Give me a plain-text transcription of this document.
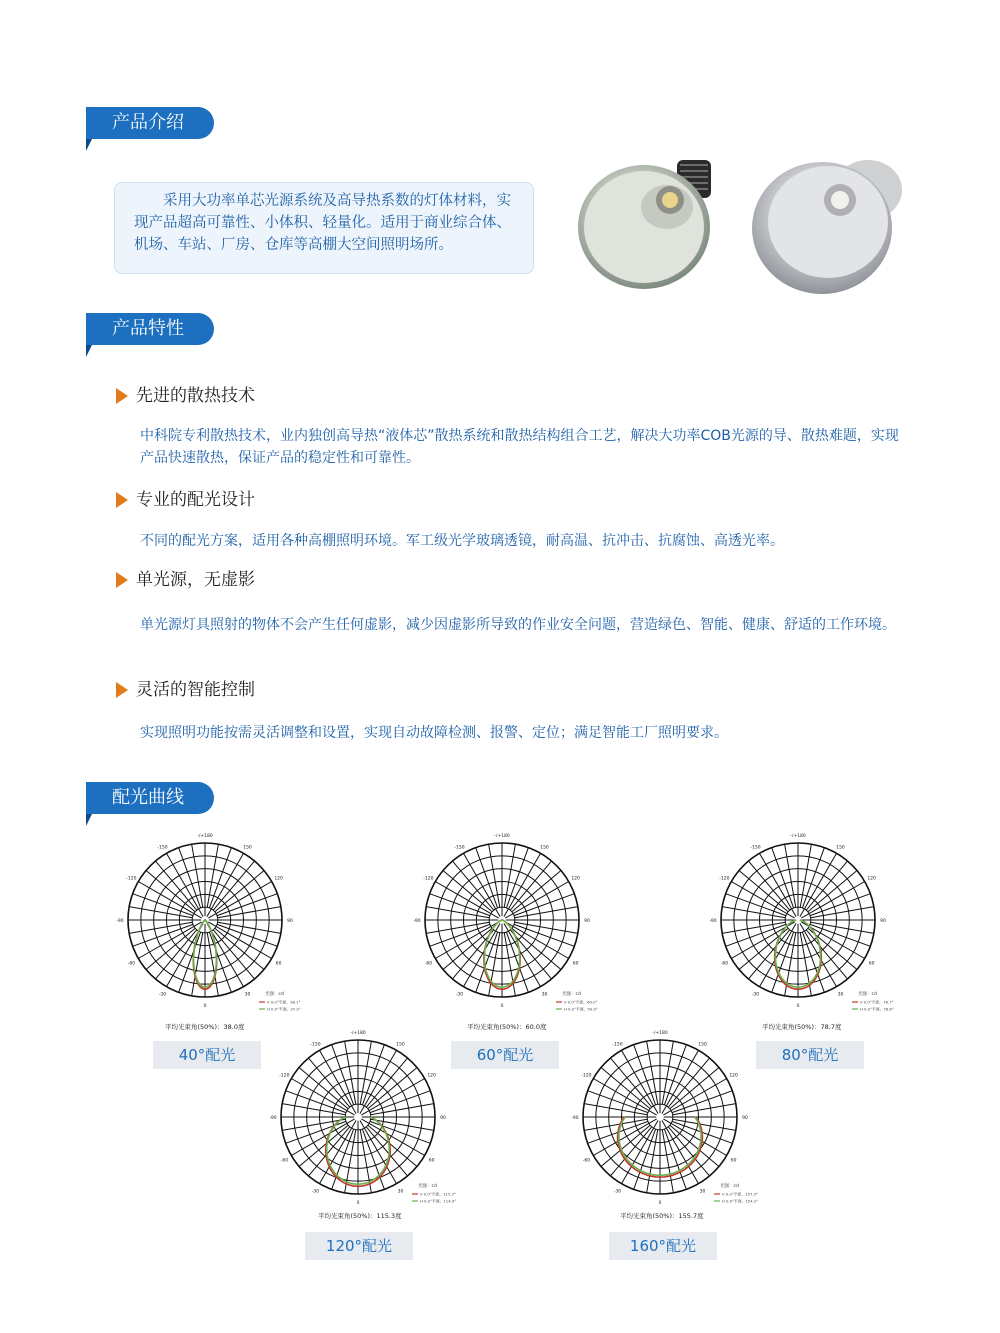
产品介绍
产品特性
配光曲线
采用大功率单芯光源系统及高导热系数的灯体材料，实现产品超高可靠性、小体积、轻量化。适用于商业综合体、机场、车站、厂房、仓库等高棚大空间照明场所。
先进的散热技术
中科院专利散热技术，业内独创高导热“液体芯”散热系统和散热结构组合工艺，解决大功率COB光源的导、散热难题，实现产品快速散热，保证产品的稳定性和可靠性。
专业的配光设计
不同的配光方案，适用各种高棚照明环境。军工级光学玻璃透镜，耐高温、抗冲击、抗腐蚀、高透光率。
单光源，无虚影
单光源灯具照射的物体不会产生任何虚影，减少因虚影所导致的作业安全问题，营造绿色、智能、健康、舒适的工作环境。
灵活的智能控制
实现照明功能按需灵活调整和设置，实现自动故障检测、报警、定位；满足智能工厂照明要求。
-/+180
150
120
90
60
30
0
-30
-60
-90
-120
-150
光强：cd
V 0.0°平面，38.1°
H 0.0°平面，37.9°
平均光束角(50%)：38.0度
40°配光
-/+180
150
120
90
60
30
0
-30
-60
-90
-120
-150
光强：cd
V 0.0°平面，60.0°
H 0.0°平面，59.9°
平均光束角(50%)：60.0度
60°配光
-/+180
150
120
90
60
30
0
-30
-60
-90
-120
-150
光强：cd
V 0.0°平面，78.7°
H 0.0°平面，78.8°
平均光束角(50%)：78.7度
80°配光
-/+180
150
120
90
60
30
0
-30
-60
-90
-120
-150
光强：cd
V 0.0°平面，115.7°
H 0.0°平面，114.9°
平均光束角(50%)：115.3度
120°配光
-/+180
150
120
90
60
30
0
-30
-60
-90
-120
-150
光强：cd
V 0.0°平面，157.3°
H 0.0°平面，154.2°
平均光束角(50%)：155.7度
160°配光
